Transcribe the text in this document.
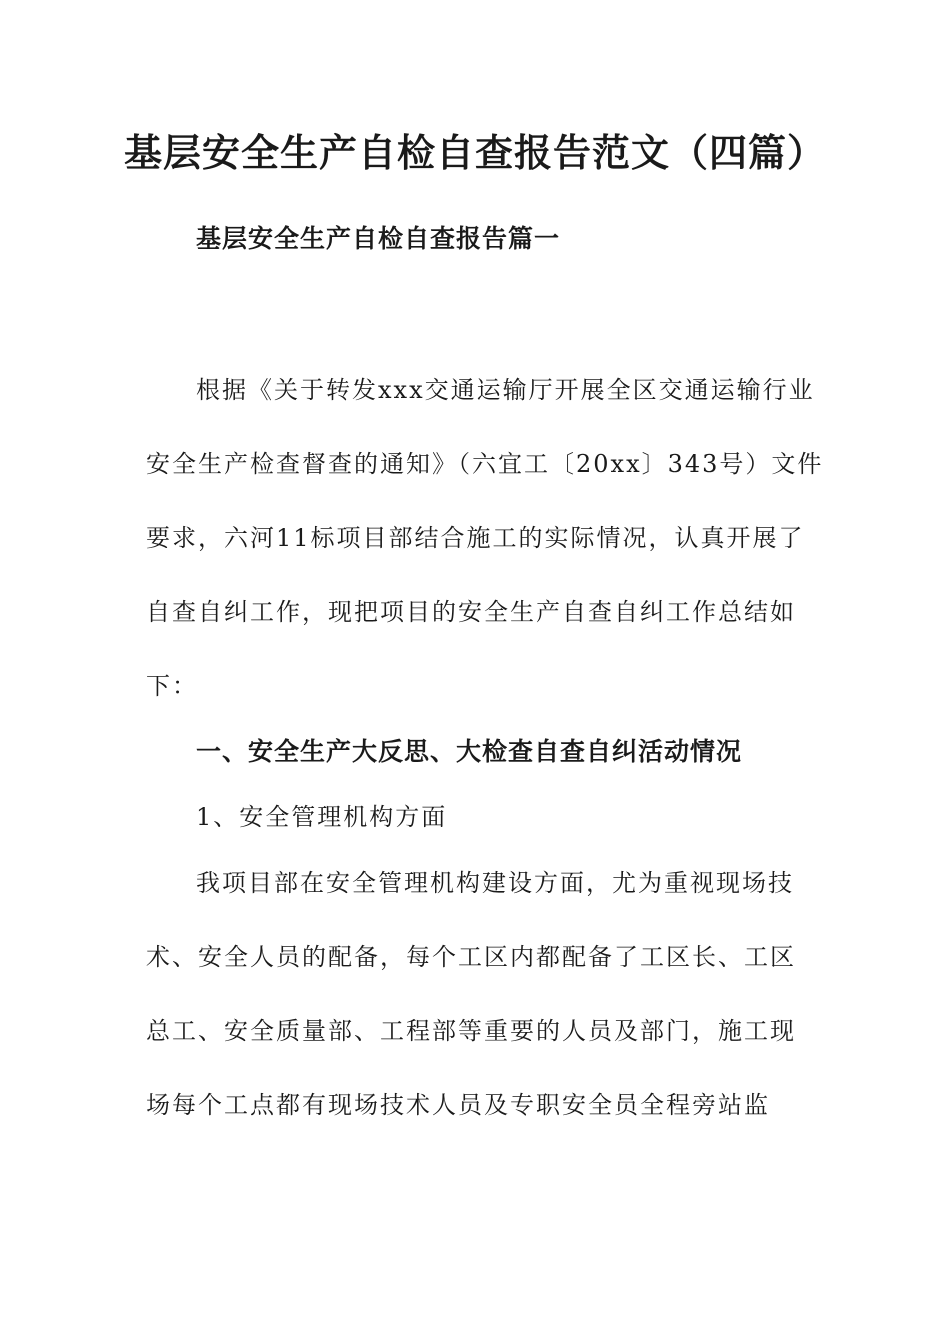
基层安全生产自检自查报告范文（四篇）
基层安全生产自检自查报告篇一
根据《关于转发xxx交通运输厅开展全区交通运输行业
安全生产检查督查的通知》（六宜工〔20xx〕343号）文件
要求，六河11标项目部结合施工的实际情况，认真开展了
自查自纠工作，现把项目的安全生产自查自纠工作总结如
下：
一、安全生产大反思、大检查自查自纠活动情况
1、安全管理机构方面
我项目部在安全管理机构建设方面，尤为重视现场技
术、安全人员的配备，每个工区内都配备了工区长、工区
总工、安全质量部、工程部等重要的人员及部门，施工现
场每个工点都有现场技术人员及专职安全员全程旁站监
